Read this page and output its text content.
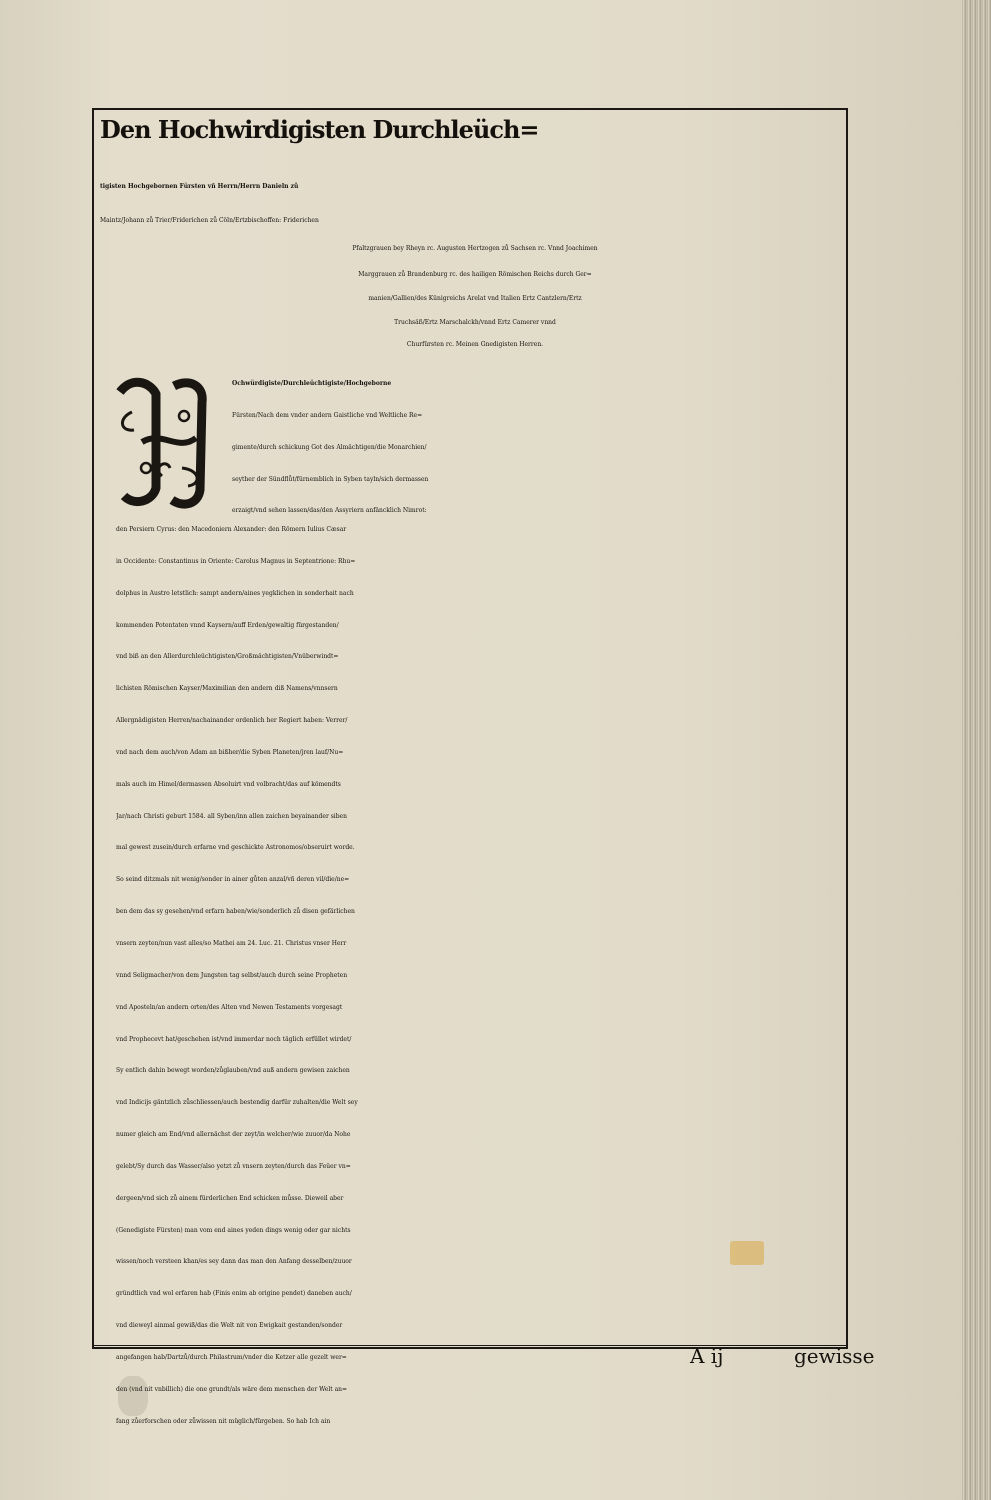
Den Hochwirdigisten Durchleüch=
tigisten Hochgebornen Fürsten vñ Herrn/Herrn Danieln zů
Maintz/Johann zů Trier/Friderichen zů Cöln/Ertzbischoffen: Friderichen
Pfaltzgrauen bey Rheyn rc. Augusten Hertzogen zů Sachsen rc. Vnnd Joachimen
Marggrauen zů Brandenburg rc. des hailigen Römischen Reichs durch Ger=
manien/Gallien/des Künigreichs Arelat vnd Italien Ertz Cantzlern/Ertz
Truchsäß/Ertz Marschalckh/vnnd Ertz Camerer vnnd
Churfürsten rc. Meinen Gnedigisten Herren.
Ochwürdigiste/Durchleüchtigiste/Hochgeborne
Fürsten/Nach dem vnder andern Gaistliche vnd Weltliche Re=
gimente/durch schickung Got des Almächtigen/die Monarchien/
seyther der Sündflůt/fürnemblich in Syben tayln/sich dermassen
erzaigt/vnd sehen lassen/das/den Assyriern anfäncklich Nimrot:
den Persiern Cyrus: den Macedoniern Alexander: den Römern Iulius Cæsar
in Occidente: Constantinus in Oriente: Carolus Magnus in Septentrione: Rhu=
dolphus in Austro letstlich: sampt andern/aines yegklichen in sonderhait nach
kommenden Potentaten vnnd Kaysern/auff Erden/gewaltig fürgestanden/
vnd biß an den Allerdurchleüchtigisten/Großmächtigisten/Vnüberwindt=
lichisten Römischen Kayser/Maximilian den andern diß Namens/vnnsern
Allergnädigisten Herren/nachainander ordenlich her Regiert haben: Verrer/
vnd nach dem auch/von Adam an bißher/die Syben Planeten/jren lauf/Nu=
mals auch im Himel/dermassen Absoluirt vnd volbracht/das auf kömendts
Jar/nach Christi geburt 1584. all Syben/inn allen zaichen beyainander siben
mal gewest zusein/durch erfarne vnd geschickte Astronomos/obseruirt worde.
So seind ditzmals nit wenig/sonder in ainer gůten anzal/vñ deren vil/die/ne=
ben dem das sy gesehen/vnd erfarn haben/wie/sonderlich zů disen gefärlichen
vnsern zeyten/nun vast alles/so Mathei am 24. Luc. 21. Christus vnser Herr
vnnd Seligmacher/von dem Jungsten tag selbst/auch durch seine Propheten
vnd Aposteln/an andern orten/des Alten vnd Newen Testaments vorgesagt
vnd Prophecevt hat/geschehen ist/vnd immerdar noch täglich erfüllet wirdet/
Sy entlich dahin bewegt worden/zůglauben/vnd auß andern gewisen zaichen
vnd Indicijs gäntzlich zůschliessen/auch bestendig darfür zuhalten/die Welt sey
numer gleich am End/vnd allernächst der zeyt/in welcher/wie zuuor/da Nohe
gelebt/Sy durch das Wasser/also yetzt zů vnsern zeyten/durch das Feüer vn=
dergeen/vnd sich zů ainem fürderlichen End schicken můsse. Dieweil aber
(Genedigiste Fürsten) man vom end aines yeden dings wenig oder gar nichts
wissen/noch versteen khan/es sey dann das man den Anfang desselben/zuuor
gründtlich vnd wol erfaren hab (Finis enim ab origine pendet) daneben auch/
vnd dieweyl ainmal gewiß/das die Welt nit von Ewigkait gestanden/sonder
angefangen hab/Dartzů/durch Philastrum/vnder die Ketzer alle gezelt wer=
den (vnd nit vnbillich) die one grundt/als wäre dem menschen der Welt an=
fang zůerforschen oder zůwissen nit müglich/fürgeben. So hab Ich ain
A ij	gewisse
